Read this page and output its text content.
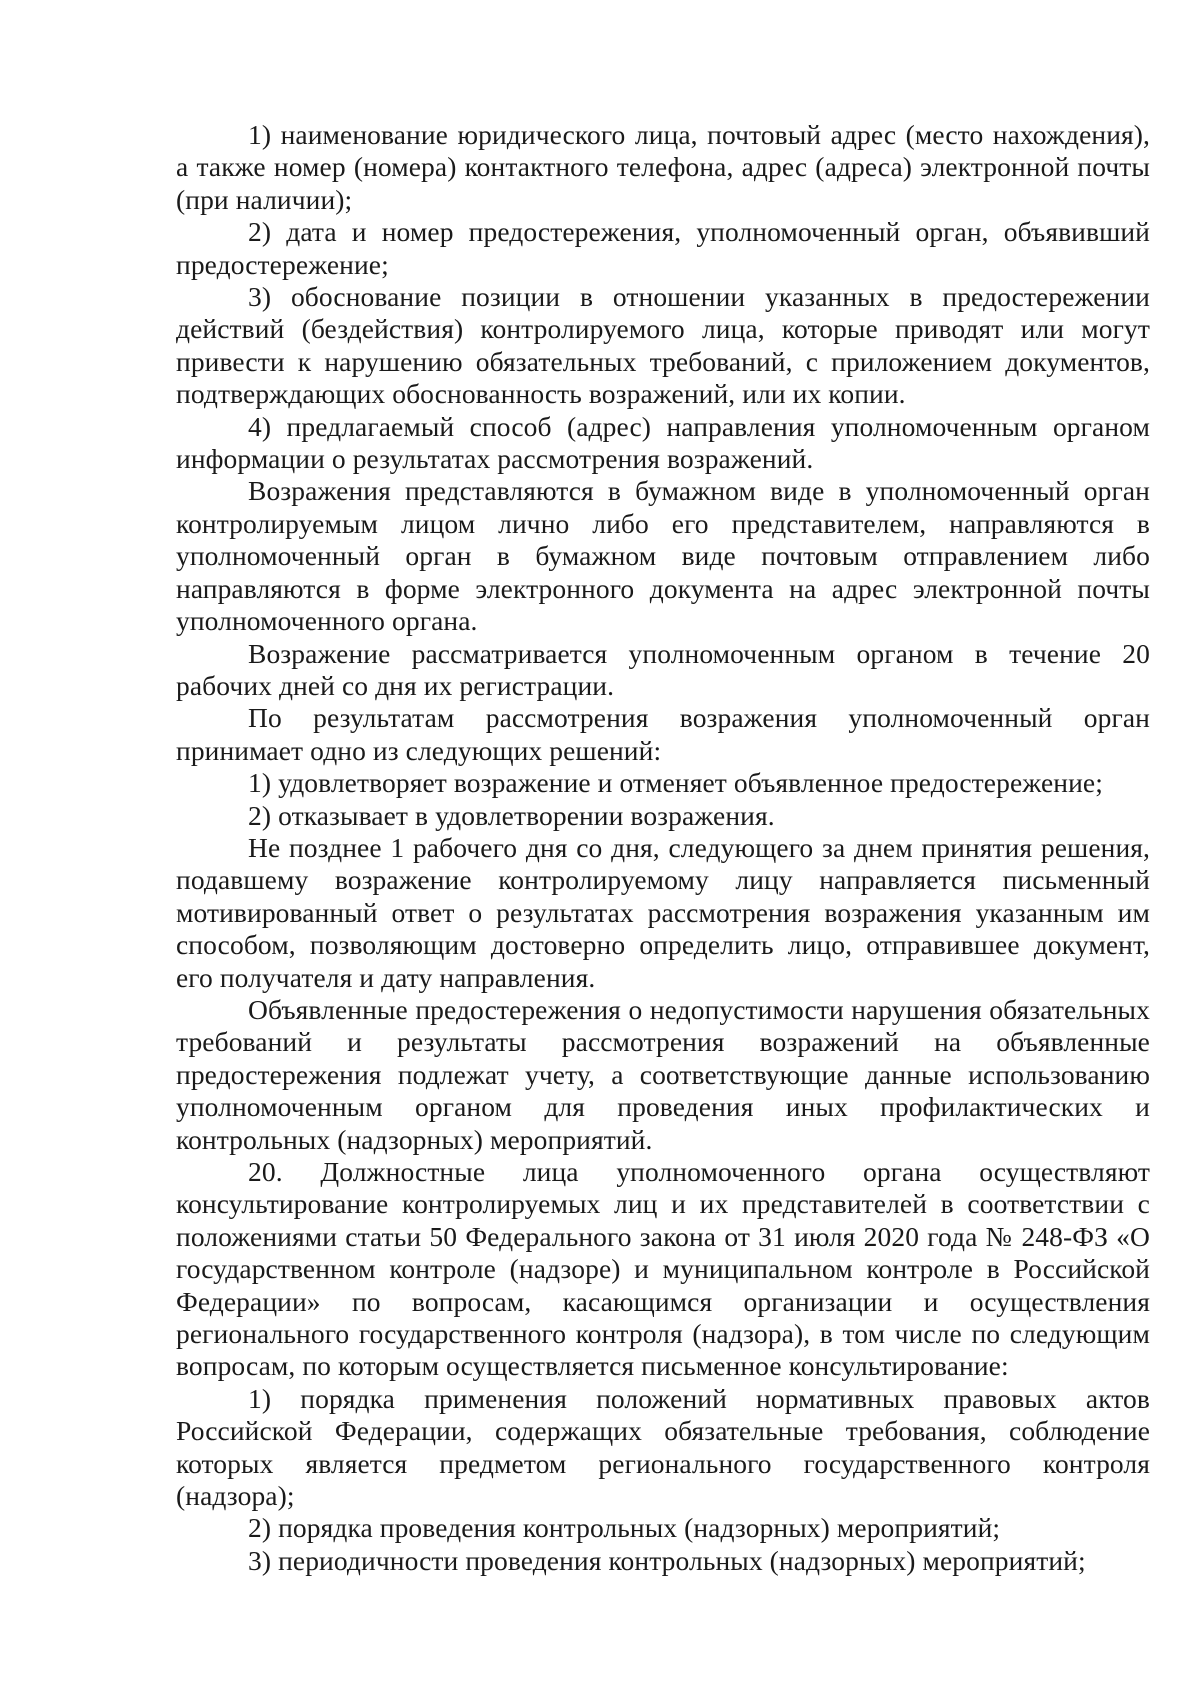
1) наименование юридического лица, почтовый адрес (место нахождения), а также номер (номера) контактного телефона, адрес (адреса) электронной почты (при наличии);

2) дата и номер предостережения, уполномоченный орган, объявивший предостережение;

3) обоснование позиции в отношении указанных в предостережении действий (бездействия) контролируемого лица, которые приводят или могут привести к нарушению обязательных требований, с приложением документов, подтверждающих обоснованность возражений, или их копии.

4) предлагаемый способ (адрес) направления уполномоченным органом информации о результатах рассмотрения возражений.

Возражения представляются в бумажном виде в уполномоченный орган контролируемым лицом лично либо его представителем, направляются в уполномоченный орган в бумажном виде почтовым отправлением либо направляются в форме электронного документа на адрес электронной почты уполномоченного органа.

Возражение рассматривается уполномоченным органом в течение 20 рабочих дней со дня их регистрации.

По результатам рассмотрения возражения уполномоченный орган принимает одно из следующих решений:

1) удовлетворяет возражение и отменяет объявленное предостережение;

2) отказывает в удовлетворении возражения.

Не позднее 1 рабочего дня со дня, следующего за днем принятия решения, подавшему возражение контролируемому лицу направляется письменный мотивированный ответ о результатах рассмотрения возражения указанным им способом, позволяющим достоверно определить лицо, отправившее документ, его получателя и дату направления.

Объявленные предостережения о недопустимости нарушения обязательных требований и результаты рассмотрения возражений на объявленные предостережения подлежат учету, а соответствующие данные использованию уполномоченным органом для проведения иных профилактических и контрольных (надзорных) мероприятий.

20. Должностные лица уполномоченного органа осуществляют консультирование контролируемых лиц и их представителей в соответствии с положениями статьи 50 Федерального закона от 31 июля 2020 года № 248-ФЗ «О государственном контроле (надзоре) и муниципальном контроле в Российской Федерации» по вопросам, касающимся организации и осуществления регионального государственного контроля (надзора), в том числе по следующим вопросам, по которым осуществляется письменное консультирование:

1) порядка применения положений нормативных правовых актов Российской Федерации, содержащих обязательные требования, соблюдение которых является предметом регионального государственного контроля (надзора);

2) порядка проведения контрольных (надзорных) мероприятий;

3) периодичности проведения контрольных (надзорных) мероприятий;
